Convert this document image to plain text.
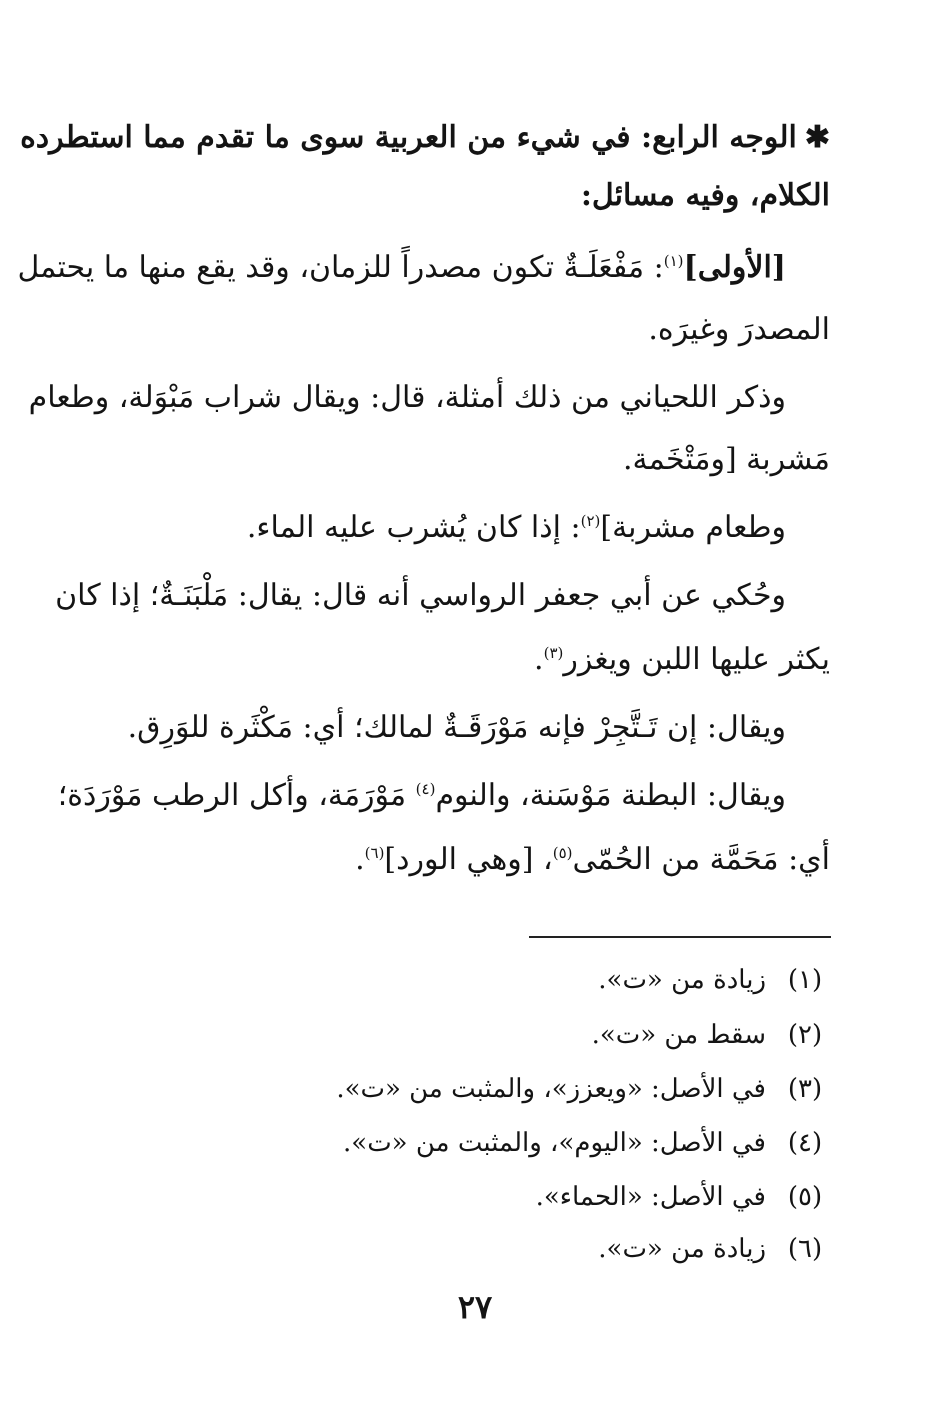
✱الوجه الرابع: في شيء من العربية سوى ما تقدم مما استطرده
الكلام، وفيه مسائل:
[الأولى]$^{(١)}$: مَفْعَلَـةٌ تكون مصدراً للزمان، وقد يقع منها ما يحتمل
المصدرَ وغيرَه.
وذكر اللحياني من ذلك أمثلة، قال: ويقال شراب مَبْوَلة، وطعام
مَشربة [ومَتْخَمة.
وطعام مشربة]$^{(٢)}$: إذا كان يُشرب عليه الماء.
وحُكي عن أبي جعفر الرواسي أنه قال: يقال: مَلْبَنَـةٌ؛ إذا كان
يكثر عليها اللبن ويغزر$^{(٣)}$.
ويقال: إن تَـتَّجِرْ فإنه مَوْرَقَـةٌ لمالك؛ أي: مَكْثَرة للوَرِق.
ويقال: البطنة مَوْسَنة، والنوم$^{(٤)}$ مَوْرَمَة، وأكل الرطب مَوْرَدَة؛
أي: مَحَمَّة من الحُمّى$^{(٥)}$، [وهي الورد]$^{(٦)}$.
(١)زيادة من «ت».
(٢)سقط من «ت».
(٣)في الأصل: «ويعزز»، والمثبت من «ت».
(٤)في الأصل: «اليوم»، والمثبت من «ت».
(٥)في الأصل: «الحماء».
(٦)زيادة من «ت».
٢٧
